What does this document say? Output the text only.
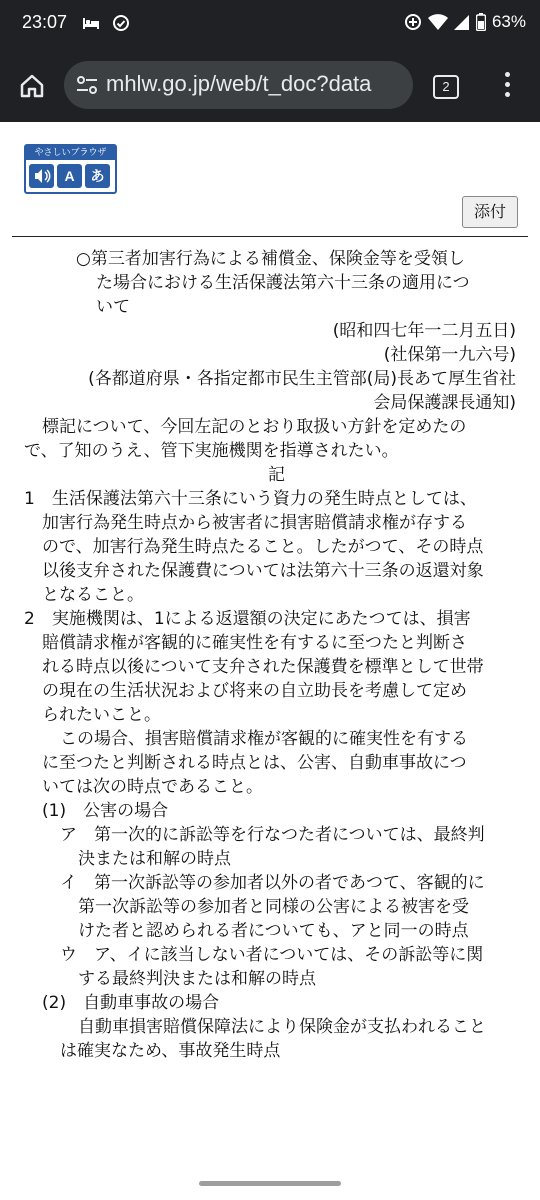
23:07	63%
mhlw.go.jp/web/t_doc?data	2
やさしいブラウザ
A	あ
添付

○第三者加害行為による補償金、保険金等を受領し

た場合における生活保護法第六十三条の適用につ

いて

(昭和四七年一二月五日)

(社保第一九六号)

(各都道府県・各指定都市民生主管部(局)長あて厚生省社

会局保護課長通知)

標記について、今回左記のとおり取扱い方針を定めたの

で、了知のうえ、管下実施機関を指導されたい。

記

1　生活保護法第六十三条にいう資力の発生時点としては、

加害行為発生時点から被害者に損害賠償請求権が存する

ので、加害行為発生時点たること。したがつて、その時点

以後支弁された保護費については法第六十三条の返還対象

となること。

2　実施機関は、1による返還額の決定にあたつては、損害

賠償請求権が客観的に確実性を有するに至つたと判断さ

れる時点以後について支弁された保護費を標準として世帯

の現在の生活状況および将来の自立助長を考慮して定め

られたいこと。

この場合、損害賠償請求権が客観的に確実性を有する

に至つたと判断される時点とは、公害、自動車事故につ

いては次の時点であること。

(1)　公害の場合

ア　第一次的に訴訟等を行なつた者については、最終判

決または和解の時点

イ　第一次訴訟等の参加者以外の者であつて、客観的に

第一次訴訟等の参加者と同様の公害による被害を受

けた者と認められる者についても、アと同一の時点

ウ　ア、イに該当しない者については、その訴訟等に関

する最終判決または和解の時点

(2)　自動車事故の場合

自動車損害賠償保障法により保険金が支払われること

は確実なため、事故発生時点
